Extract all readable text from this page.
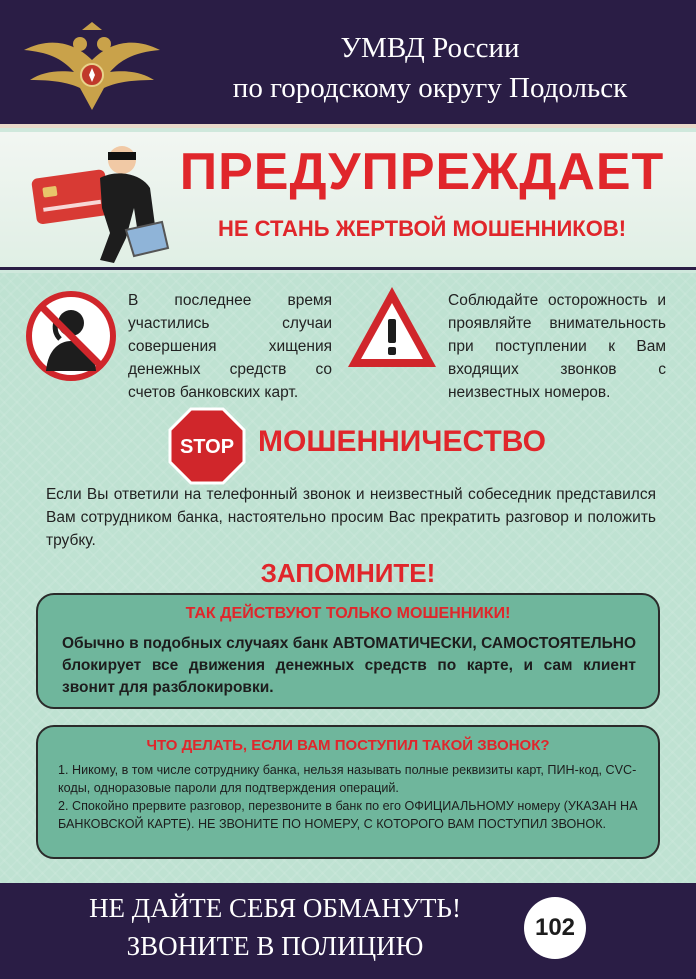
УМВД России
по городскому округу Подольск
ПРЕДУПРЕЖДАЕТ
НЕ СТАНЬ ЖЕРТВОЙ МОШЕННИКОВ!
В последнее время участились случаи совершения хищения денежных средств со счетов банковских карт.
Соблюдайте осторожность и проявляйте внимательность при поступлении к Вам входящих звонков с неизвестных номеров.
STOP МОШЕННИЧЕСТВО
Если Вы ответили на телефонный звонок и неизвестный собеседник представился Вам сотрудником банка, настоятельно просим Вас прекратить разговор и положить трубку.
ЗАПОМНИТЕ!
ТАК ДЕЙСТВУЮТ ТОЛЬКО МОШЕННИКИ!
Обычно в подобных случаях банк АВТОМАТИЧЕСКИ, САМОСТОЯТЕЛЬНО блокирует все движения денежных средств по карте, и сам клиент звонит для разблокировки.
ЧТО ДЕЛАТЬ, ЕСЛИ ВАМ ПОСТУПИЛ ТАКОЙ ЗВОНОК?
1. Никому, в том числе сотруднику банка, нельзя называть полные реквизиты карт, ПИН-код, CVC-коды, одноразовые пароли для подтверждения операций.
2. Спокойно прервите разговор, перезвоните в банк по его ОФИЦИАЛЬНОМУ номеру (УКАЗАН НА БАНКОВСКОЙ КАРТЕ). НЕ ЗВОНИТЕ ПО НОМЕРУ, С КОТОРОГО ВАМ ПОСТУПИЛ ЗВОНОК.
НЕ ДАЙТЕ СЕБЯ ОБМАНУТЬ!
ЗВОНИТЕ В ПОЛИЦИЮ
102
